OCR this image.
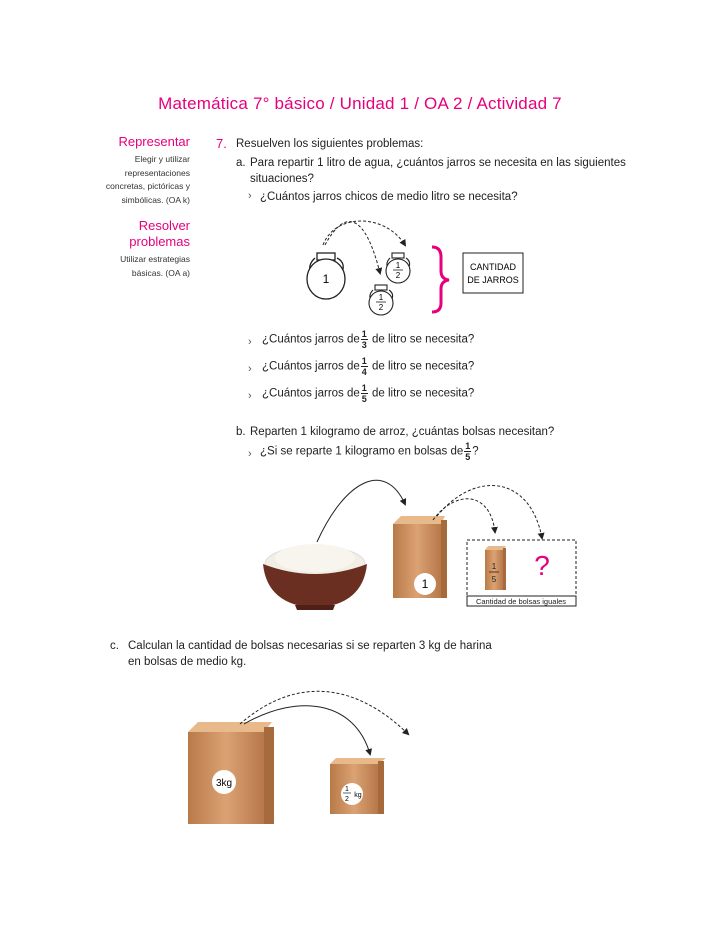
Matemática 7° básico / Unidad 1 / OA 2 / Actividad 7
Representar
Elegir y utilizar
representaciones
concretas, pictóricas y
simbólicas. (OA k)
Resolver
problemas
Utilizar estrategias
básicas. (OA a)
7. Resuelven los siguientes problemas:
a. Para repartir 1 litro de agua, ¿cuántos jarros se necesita en las siguientes
situaciones?
› ¿Cuántos jarros chicos de medio litro se necesita?
1
1
2
1
2
CANTIDAD
DE JARROS
› ¿Cuántos jarros de $\frac{1}{3}$ de litro se necesita?
› ¿Cuántos jarros de $\frac{1}{4}$ de litro se necesita?
› ¿Cuántos jarros de $\frac{1}{5}$ de litro se necesita?
b. Reparten 1 kilogramo de arroz, ¿cuántas bolsas necesitan?
› ¿Si se reparte 1 kilogramo en bolsas de $\frac{1}{5}$ ?
1
1
5 ?
Cantidad de bolsas iguales
c. Calculan la cantidad de bolsas necesarias si se reparten 3 kg de harina
en bolsas de medio kg.
3kg
1
2
kg
